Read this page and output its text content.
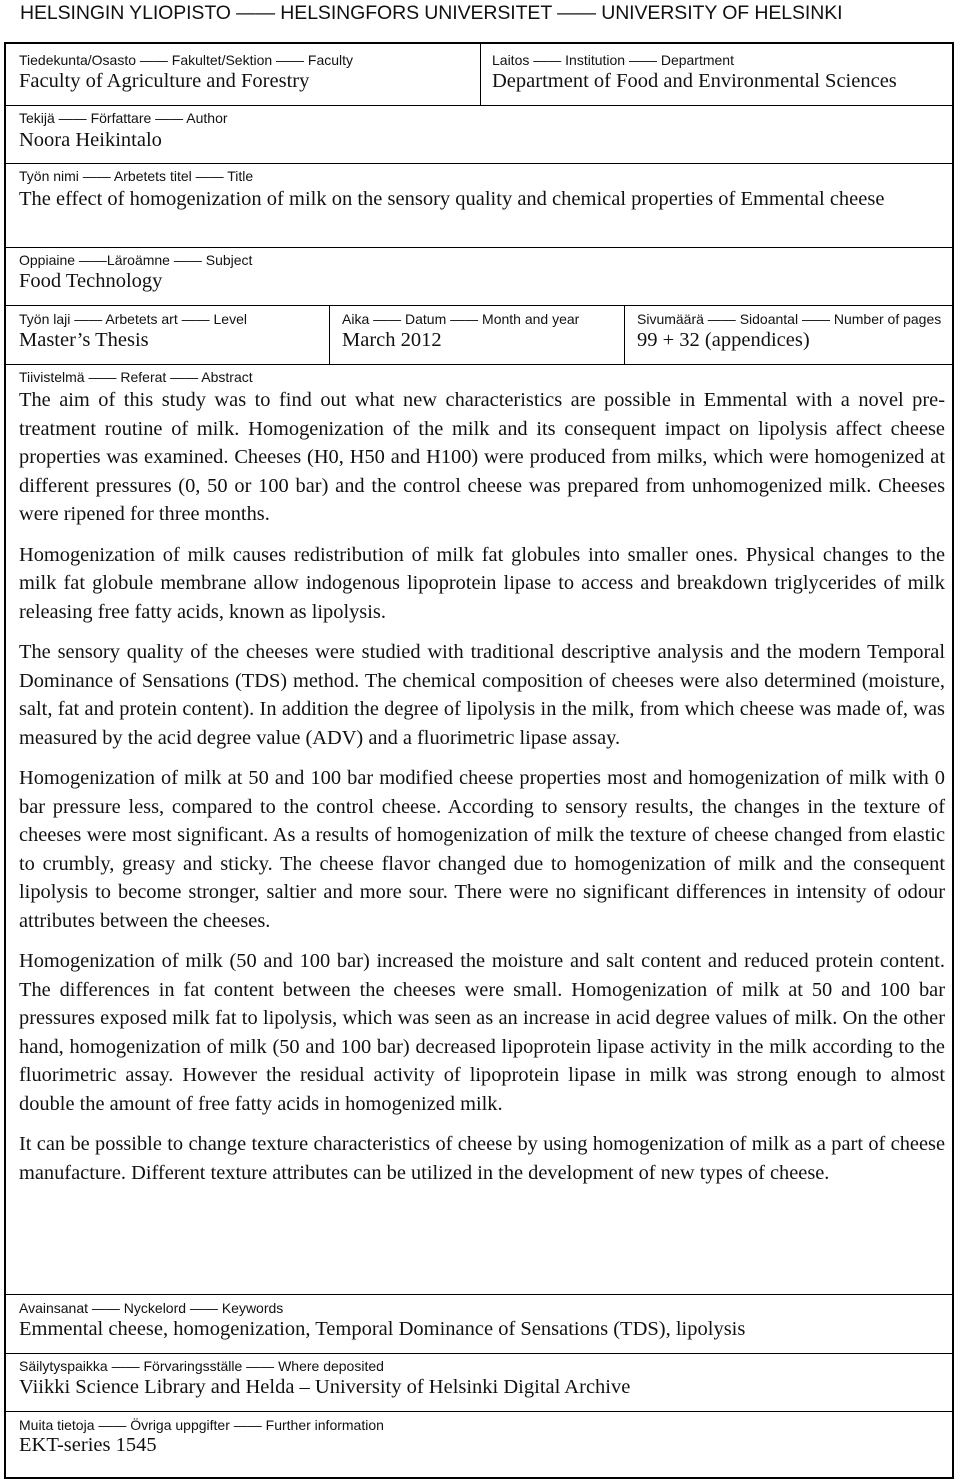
HELSINGIN YLIOPISTO —— HELSINGFORS UNIVERSITET —— UNIVERSITY OF HELSINKI
Tiedekunta/Osasto —— Fakultet/Sektion —— Faculty
Faculty of Agriculture and Forestry
Laitos —— Institution —— Department
Department of Food and Environmental Sciences
Tekijä —— Författare —— Author
Noora Heikintalo
Työn nimi —— Arbetets titel —— Title
The effect of homogenization of milk on the sensory quality and chemical properties of Emmental cheese
Oppiaine ——Läroämne —— Subject
Food Technology
Työn laji —— Arbetets art —— Level
Master’s Thesis
Aika —— Datum —— Month and year
March 2012
Sivumäärä —— Sidoantal —— Number of pages
99 + 32 (appendices)
Tiivistelmä —— Referat —— Abstract

The aim of this study was to find out what new characteristics are possible in Emmental with a novel pre-treatment routine of milk. Homogenization of the milk and its consequent impact on lipolysis affect cheese properties was examined. Cheeses (H0, H50 and H100) were produced from milks, which were homogenized at different pressures (0, 50 or 100 bar) and the control cheese was prepared from unhomogenized milk. Cheeses were ripened for three months.

Homogenization of milk causes redistribution of milk fat globules into smaller ones. Physical changes to the milk fat globule membrane allow indogenous lipoprotein lipase to access and breakdown triglycerides of milk releasing free fatty acids, known as lipolysis.

The sensory quality of the cheeses were studied with traditional descriptive analysis and the modern Temporal Dominance of Sensations (TDS) method. The chemical composition of cheeses were also determined (moisture, salt, fat and protein content). In addition the degree of lipolysis in the milk, from which cheese was made of, was measured by the acid degree value (ADV) and a fluorimetric lipase assay.

Homogenization of milk at 50 and 100 bar modified cheese properties most and homogenization of milk with 0 bar pressure less, compared to the control cheese. According to sensory results, the changes in the texture of cheeses were most significant. As a results of homogenization of milk the texture of cheese changed from elastic to crumbly, greasy and sticky. The cheese flavor changed due to homogenization of milk and the consequent lipolysis to become stronger, saltier and more sour. There were no significant differences in intensity of odour attributes between the cheeses.

Homogenization of milk (50 and 100 bar) increased the moisture and salt content and reduced protein content. The differences in fat content between the cheeses were small. Homogenization of milk at 50 and 100 bar pressures exposed milk fat to lipolysis, which was seen as an increase in acid degree values of milk. On the other hand, homogenization of milk (50 and 100 bar) decreased lipoprotein lipase activity in the milk according to the fluorimetric assay. However the residual activity of lipoprotein lipase in milk was strong enough to almost double the amount of free fatty acids in homogenized milk.

It can be possible to change texture characteristics of cheese by using homogenization of milk as a part of cheese manufacture. Different texture attributes can be utilized in the development of new types of cheese.

Avainsanat —— Nyckelord —— Keywords
Emmental cheese, homogenization, Temporal Dominance of Sensations (TDS), lipolysis
Säilytyspaikka —— Förvaringsställe —— Where deposited
Viikki Science Library and Helda – University of Helsinki Digital Archive
Muita tietoja —— Övriga uppgifter —— Further information
EKT-series 1545
